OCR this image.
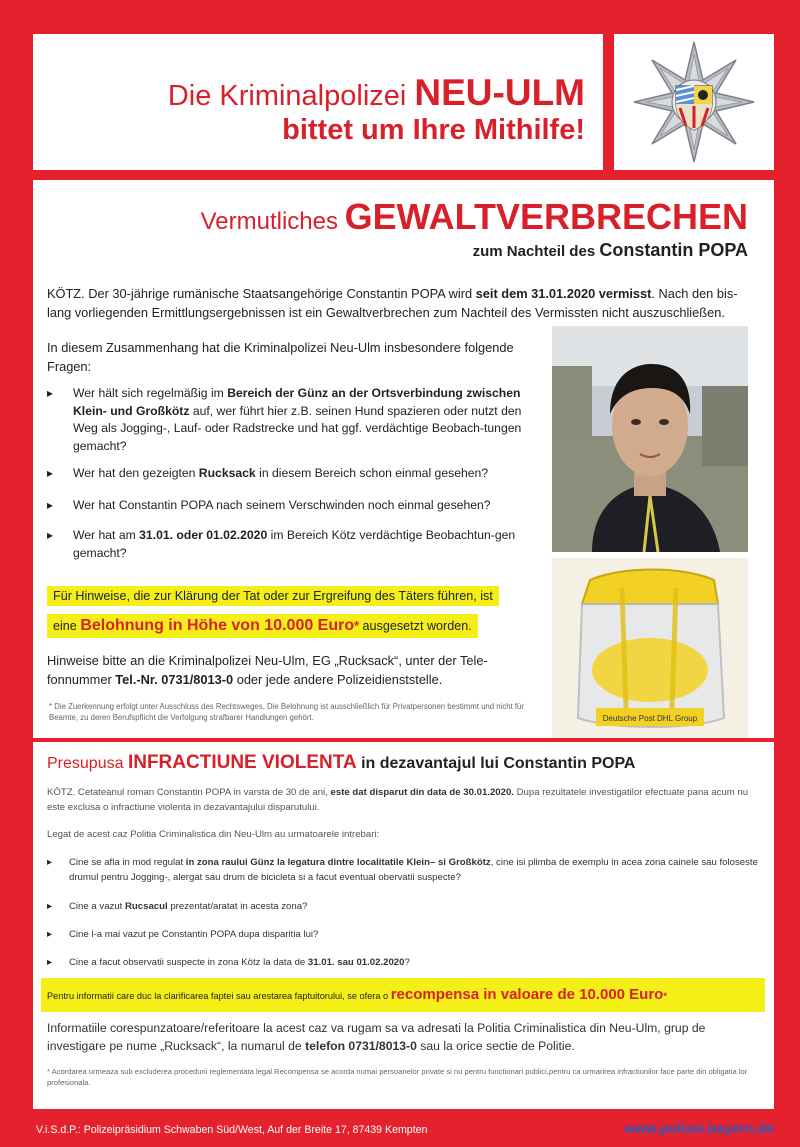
Die Kriminalpolizei NEU-ULM
bittet um Ihre Mithilfe!
Vermutliches GEWALTVERBRECHEN
zum Nachteil des Constantin POPA

KÖTZ. Der 30-jährige rumänische Staatsangehörige Constantin POPA wird seit dem 31.01.2020 vermisst. Nach den bis-lang vorliegenden Ermittlungsergebnissen ist ein Gewaltverbrechen zum Nachteil des Vermissten nicht auszuschließen.

In diesem Zusammenhang hat die Kriminalpolizei Neu-Ulm insbesondere folgende Fragen:

▸ Wer hält sich regelmäßig im Bereich der Günz an der Ortsverbindung zwischen Klein- und Großkötz auf, wer führt hier z.B. seinen Hund spazieren oder nutzt den Weg als Jogging-, Lauf- oder Radstrecke und hat ggf. verdächtige Beobach-tungen gemacht?

▸ Wer hat den gezeigten Rucksack in diesem Bereich schon einmal gesehen?

▸ Wer hat Constantin POPA nach seinem Verschwinden noch einmal gesehen?

▸ Wer hat am 31.01. oder 01.02.2020 im Bereich Kötz verdächtige Beobachtun-gen gemacht?

Für Hinweise, die zur Klärung der Tat oder zur Ergreifung des Täters führen, ist
eine Belohnung in Höhe von 10.000 Euro* ausgesetzt worden.

Hinweise bitte an die Kriminalpolizei Neu-Ulm, EG „Rucksack“, unter der Tele-fonnummer Tel.-Nr. 0731/8013-0 oder jede andere Polizeidienststelle.

* Die Zuerkennung erfolgt unter Ausschluss des Rechtsweges. Die Belohnung ist ausschließlich für Privatpersonen bestimmt und nicht für Beamte, zu deren Berufspflicht die Verfolgung strafbarer Handlungen gehört.	Deutsche Post DHL Group
Presupusa INFRACTIUNE VIOLENTA in dezavantajul lui Constantin POPA

KÖTZ. Cetateanul roman Constantin POPA in varsta de 30 de ani, este dat disparut din data de 30.01.2020. Dupa rezultatele investigatilor efectuate pana acum nu este exclusa o infractiune violenta in dezavantajului disparutului.

Legat de acest caz Politia Criminalistica din Neu-Ulm au urmatoarele intrebari:

▸ Cine se afla in mod regulat in zona raului Günz la legatura dintre localitatile Klein– si Großkötz, cine isi plimba de exemplu in acea zona cainele sau foloseste drumul pentru Jogging-, alergat sau drum de bicicleta si a facut eventual obervatii suspecte?

▸ Cine a vazut Rucsacul prezentat/aratat in acesta zona?

▸ Cine l-a mai vazut pe Constantin POPA dupa disparitia lui?

▸ Cine a facut observatii suspecte in zona Kötz la data de 31.01. sau 01.02.2020?

Pentru informatii care duc la clarificarea faptei sau arestarea faptuitorului, se ofera o recompensa in valoare de 10.000 Euro*

Informatiile corespunzatoare/referitoare la acest caz va rugam sa va adresati la Politia Criminalistica din Neu-Ulm, grup de investigare pe nume „Rucksack“, la numarul de telefon 0731/8013-0 sau la orice sectie de Politie.

* Acordarea urmeaza sub excluderea procedurii reglementata legal.Recompensa se acorda numai persoanelor private si nu pentru functionari publici,pentru ca urmarirea infractiunilor face parte din obligatia lor profesionala.

V.i.S.d.P.: Polizeipräsidium Schwaben Süd/West, Auf der Breite 17, 87439 Kempten	www.polizei.bayern.de
